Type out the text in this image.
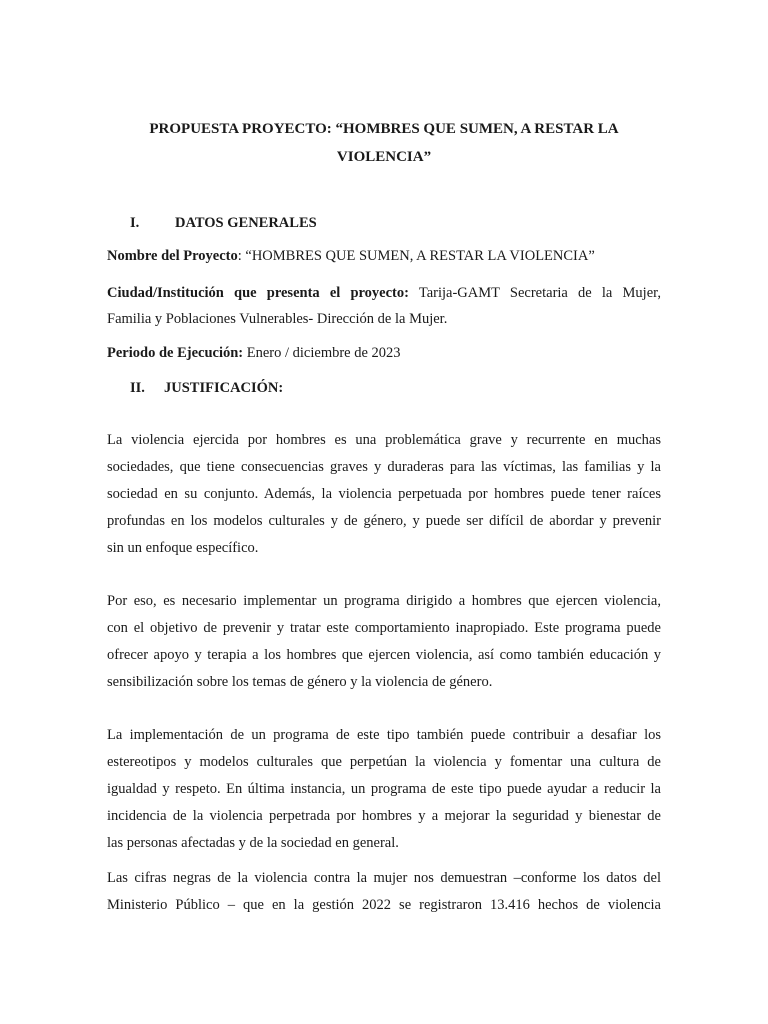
PROPUESTA PROYECTO: “HOMBRES QUE SUMEN, A RESTAR LA
VIOLENCIA”
I. DATOS GENERALES
Nombre del Proyecto: “HOMBRES QUE SUMEN, A RESTAR LA VIOLENCIA”
Ciudad/Institución que presenta el proyecto: Tarija-GAMT Secretaria de la Mujer,
Familia y Poblaciones Vulnerables- Dirección de la Mujer.
Periodo de Ejecución: Enero / diciembre de 2023
II. JUSTIFICACIÓN:
La violencia ejercida por hombres es una problemática grave y recurrente en muchas
sociedades, que tiene consecuencias graves y duraderas para las víctimas, las familias y la
sociedad en su conjunto. Además, la violencia perpetuada por hombres puede tener raíces
profundas en los modelos culturales y de género, y puede ser difícil de abordar y prevenir
sin un enfoque específico.
Por eso, es necesario implementar un programa dirigido a hombres que ejercen violencia,
con el objetivo de prevenir y tratar este comportamiento inapropiado. Este programa puede
ofrecer apoyo y terapia a los hombres que ejercen violencia, así como también educación y
sensibilización sobre los temas de género y la violencia de género.
La implementación de un programa de este tipo también puede contribuir a desafiar los
estereotipos y modelos culturales que perpetúan la violencia y fomentar una cultura de
igualdad y respeto. En última instancia, un programa de este tipo puede ayudar a reducir la
incidencia de la violencia perpetrada por hombres y a mejorar la seguridad y bienestar de
las personas afectadas y de la sociedad en general.
Las cifras negras de la violencia contra la mujer nos demuestran –conforme los datos del
Ministerio Público – que en la gestión 2022 se registraron 13.416 hechos de violencia
